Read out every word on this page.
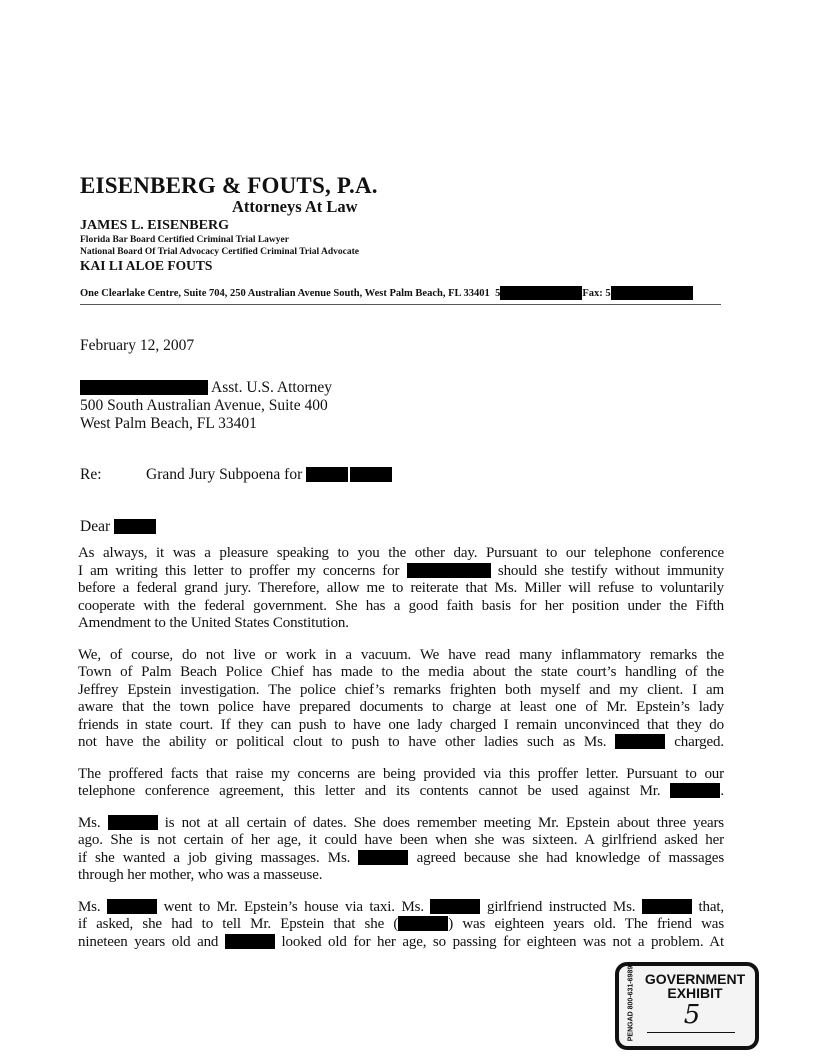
EISENBERG & FOUTS, P.A.
Attorneys At Law
JAMES L. EISENBERG
Florida Bar Board Certified Criminal Trial Lawyer
National Board Of Trial Advocacy Certified Criminal Trial Advocate
KAI LI ALOE FOUTS
One Clearlake Centre, Suite 704, 250 Australian Avenue South, West Palm Beach, FL 33401
5	Fax: 5
February 12, 2007
Asst. U.S. Attorney
500 South Australian Avenue, Suite 400
West Palm Beach, FL 33401
Re:	Grand Jury Subpoena for
Dear
As always, it was a pleasure speaking to you the other day. Pursuant to our telephone conference
I am writing this letter to proffer my concerns for	should she testify without immunity
before a federal grand jury. Therefore, allow me to reiterate that Ms. Miller will refuse to voluntarily
cooperate with the federal government. She has a good faith basis for her position under the Fifth
Amendment to the United States Constitution.
We, of course, do not live or work in a vacuum. We have read many inflammatory remarks the
Town of Palm Beach Police Chief has made to the media about the state court’s handling of the
Jeffrey Epstein investigation. The police chief’s remarks frighten both myself and my client. I am
aware that the town police have prepared documents to charge at least one of Mr. Epstein’s lady
friends in state court. If they can push to have one lady charged I remain unconvinced that they do
not have the ability or political clout to push to have other ladies such as Ms.	charged.
The proffered facts that raise my concerns are being provided via this proffer letter. Pursuant to our
telephone conference agreement, this letter and its contents cannot be used against Mr.	.
Ms.	is not at all certain of dates. She does remember meeting Mr. Epstein about three years
ago. She is not certain of her age, it could have been when she was sixteen. A girlfriend asked her
if she wanted a job giving massages. Ms.	agreed because she had knowledge of massages
through her mother, who was a masseuse.
Ms.	went to Mr. Epstein’s house via taxi. Ms.	girlfriend instructed Ms.	that,
if asked, she had to tell Mr. Epstein that she (	) was eighteen years old. The friend was
nineteen years old and	looked old for her age, so passing for eighteen was not a problem. At
PENGAD 800-631-6989 GOVERNMENT
EXHIBIT
5
